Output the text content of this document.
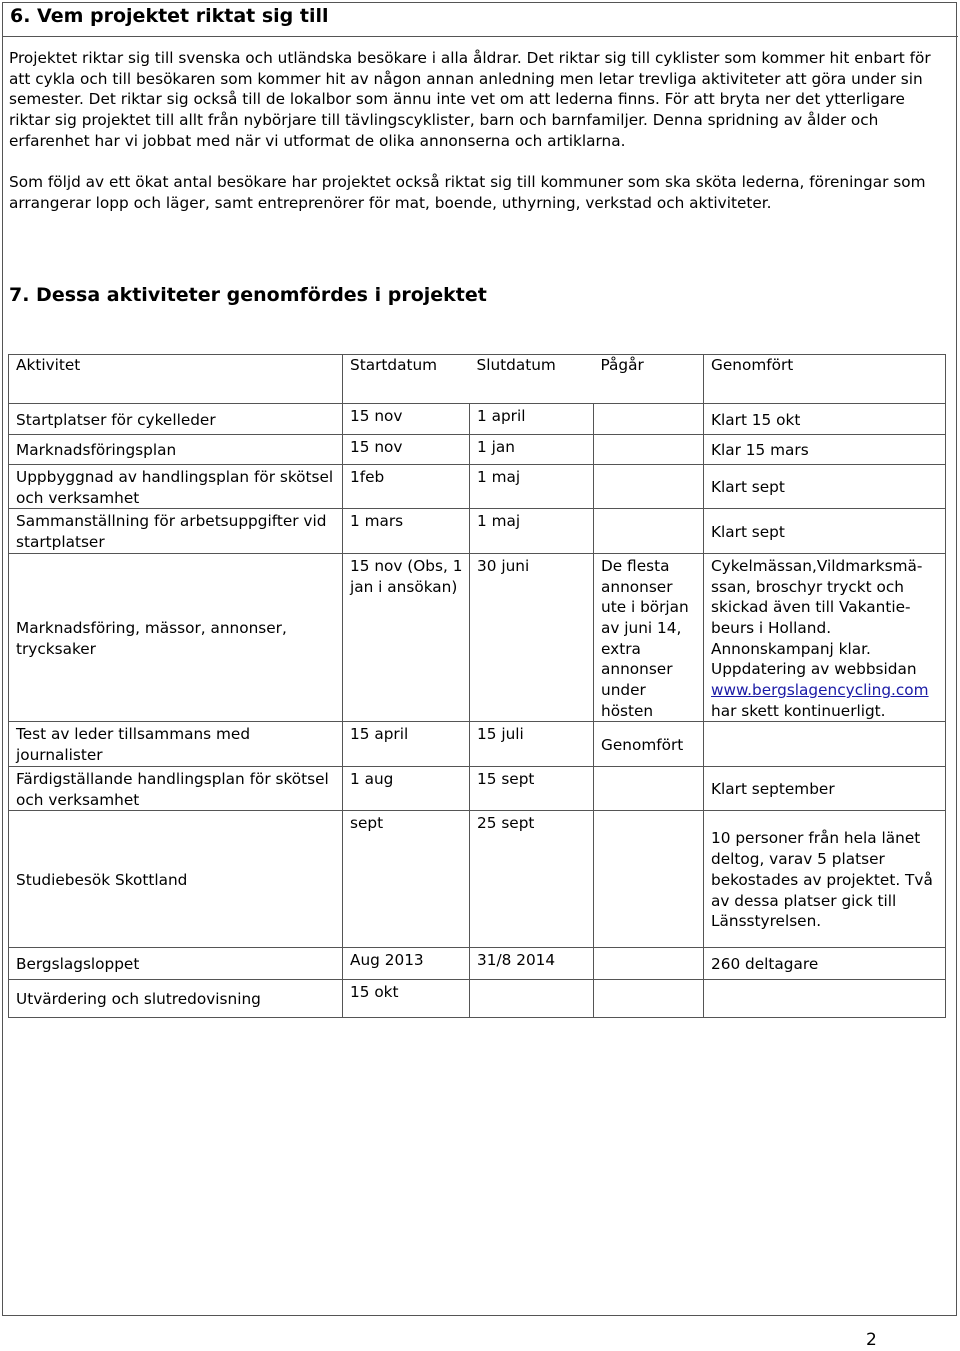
6. Vem projektet riktat sig till
Projektet riktar sig till svenska och utländska besökare i alla åldrar. Det riktar sig till cyklister som kommer hit enbart för att cykla och till besökaren som kommer hit av någon annan anledning men letar trevliga aktiviteter att göra under sin semester. Det riktar sig också till de lokalbor som ännu inte vet om att lederna finns. För att bryta ner det ytterligare riktar sig projektet till allt från nybörjare till tävlingscyklister, barn och barnfamiljer. Denna spridning av ålder och erfarenhet har vi jobbat med när vi utformat de olika annonserna och artiklarna.
Som följd av ett ökat antal besökare har projektet också riktat sig till kommuner som ska sköta lederna, föreningar som arrangerar lopp och läger, samt entreprenörer för mat, boende, uthyrning, verkstad och aktiviteter.
7. Dessa aktiviteter genomfördes i projektet
Aktivitet	Startdatum	Slutdatum	Pågår	Genomfört

Startplatser för cykelleder	15 nov	1 april		Klart 15 okt
Marknadsföringsplan	15 nov	1 jan		Klar 15 mars
Uppbyggnad av handlingsplan för skötsel och verksamhet	1feb	1 maj		Klart sept
Sammanställning för arbetsuppgifter vid startplatser	1 mars	1 maj		Klart sept
Marknadsföring, mässor, annonser, trycksaker	15 nov (Obs, 1 jan i ansökan)	30 juni	De flesta annonser ute i början av juni 14, extra annonser under hösten	Cykelmässan,Vildmarksmä-ssan, broschyr tryckt och skickad även till Vakantie-beurs i Holland. Annonskampanj klar. Uppdatering av webbsidan www.bergslagencycling.com har skett kontinuerligt.
Test av leder tillsammans med journalister	15 april	15 juli	Genomfört	
Färdigställande handlingsplan för skötsel och verksamhet	1 aug	15 sept		Klart september
Studiebesök Skottland	sept	25 sept		10 personer från hela länet deltog, varav 5 platser bekostades av projektet. Två av dessa platser gick till Länsstyrelsen.
Bergslagsloppet	Aug 2013	31/8 2014		260 deltagare
Utvärdering och slutredovisning	15 okt			
2
